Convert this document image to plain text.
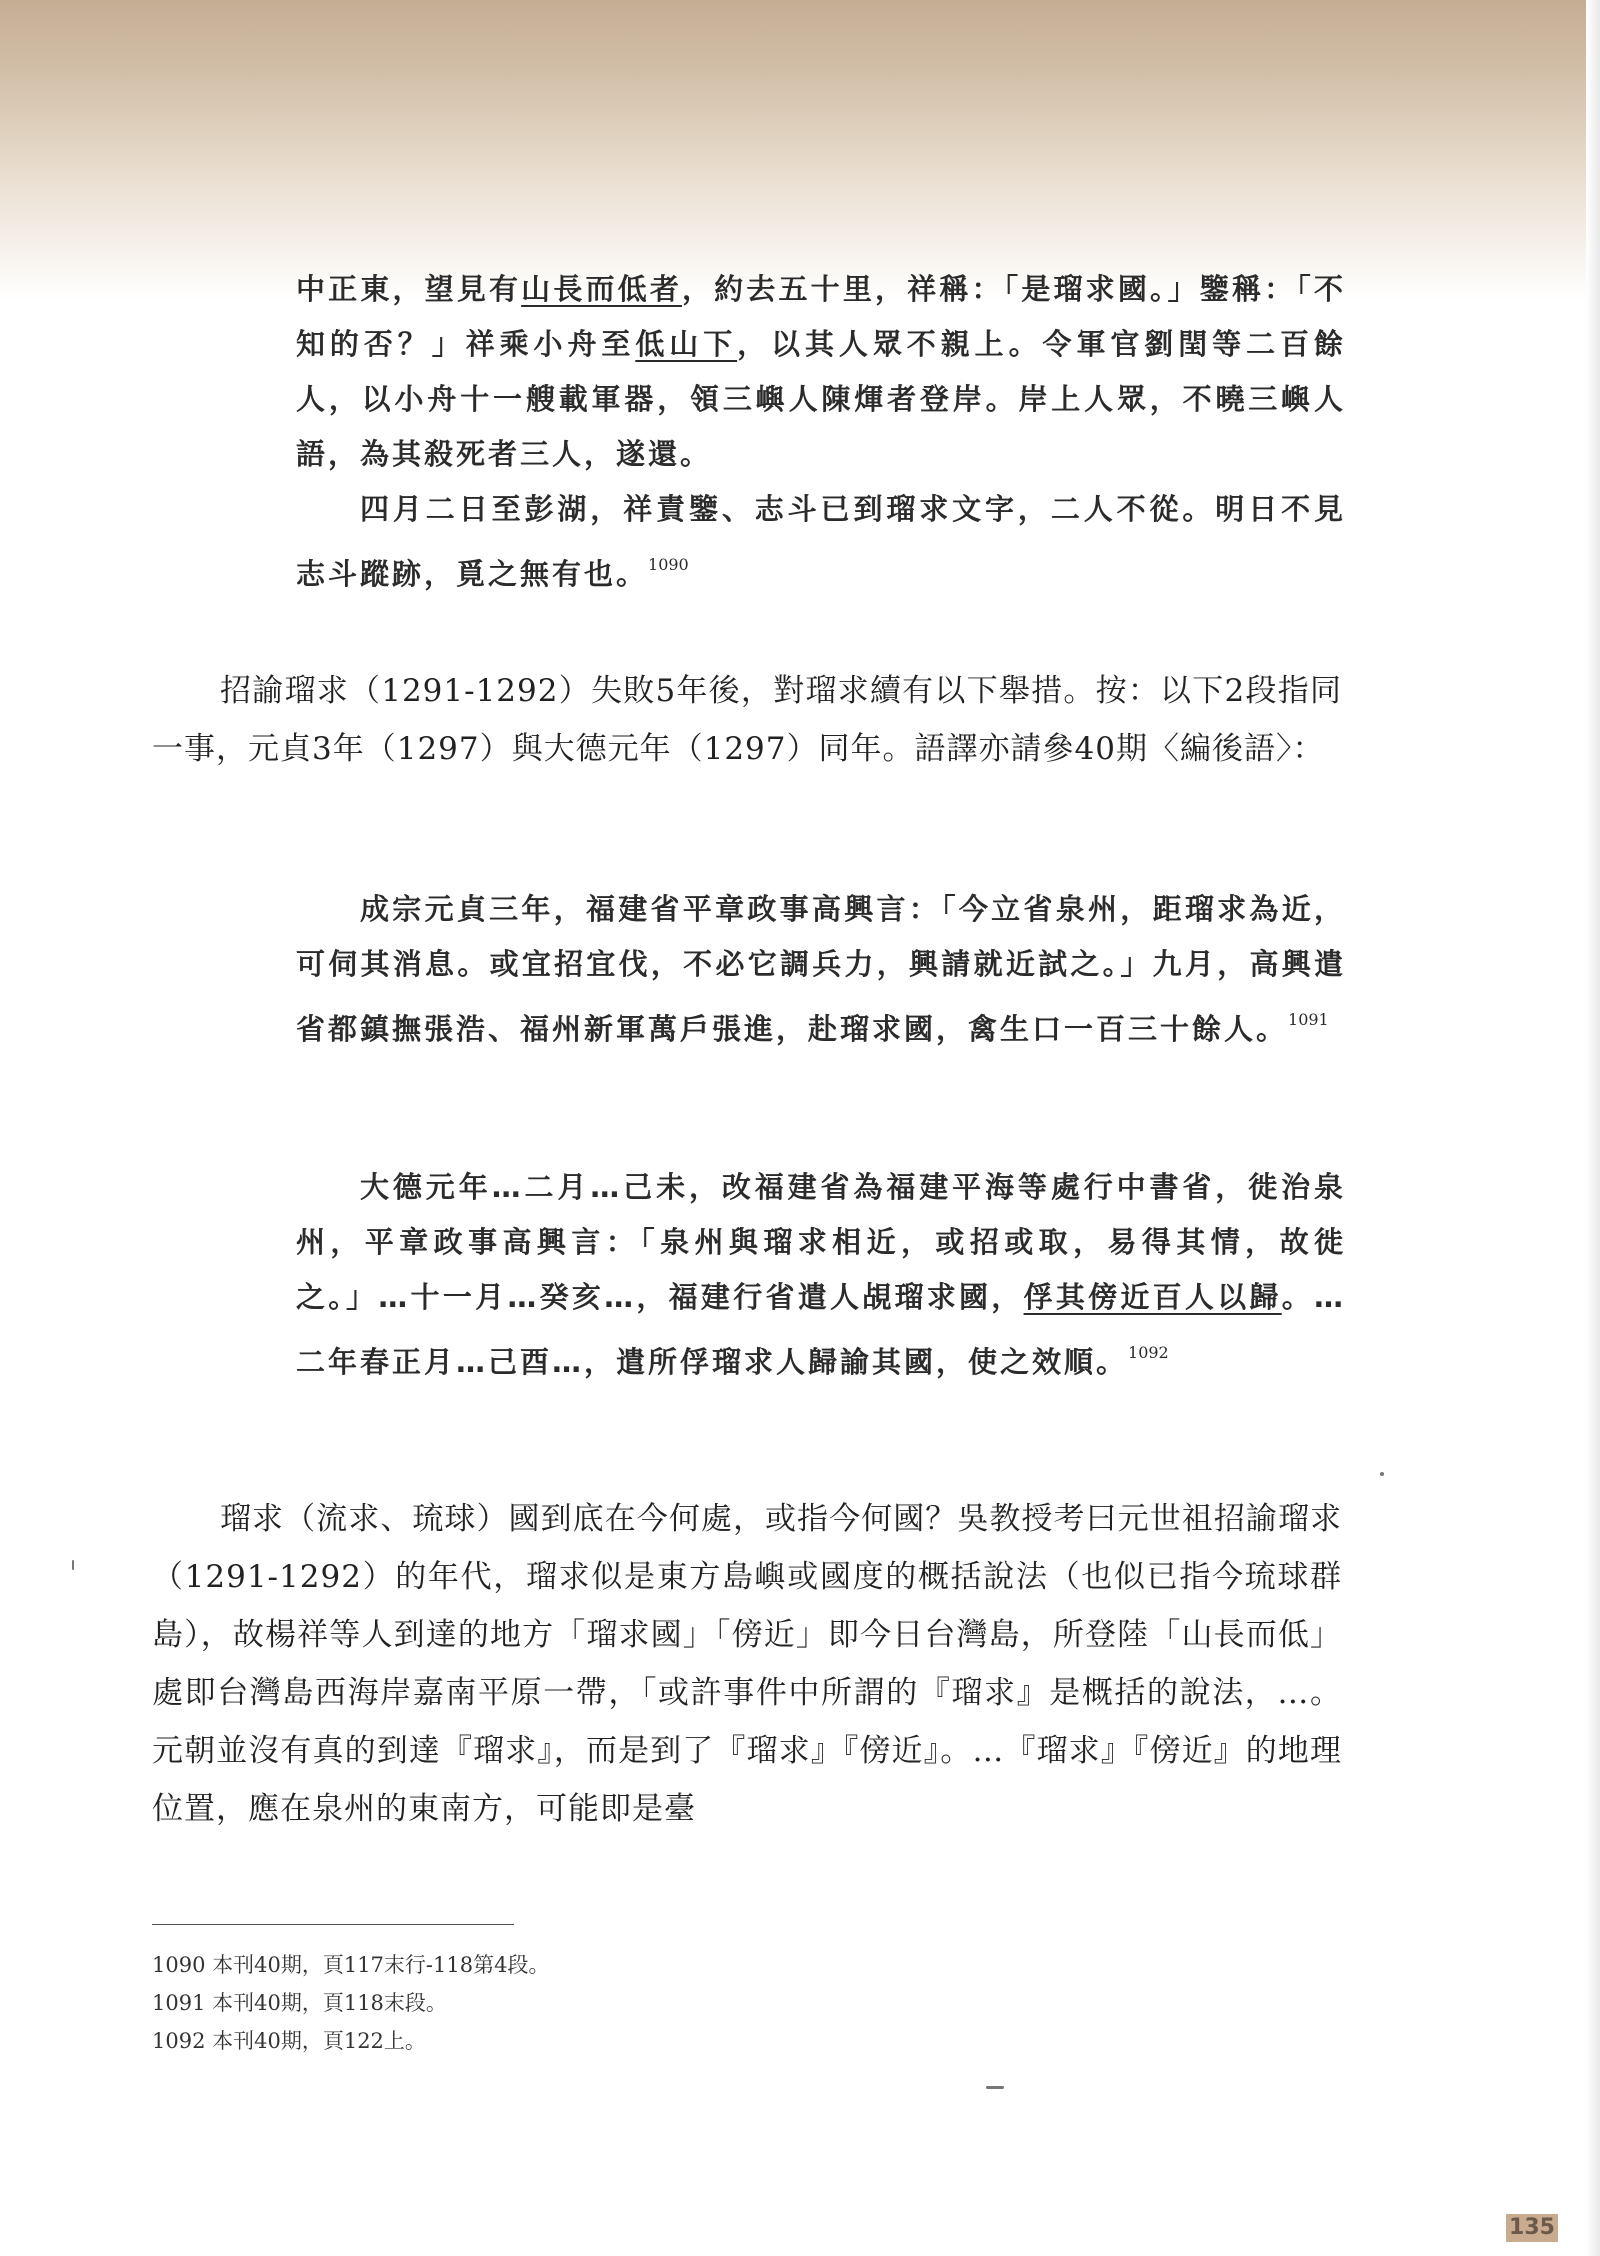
中正東，望見有山長而低者，約去五十里，祥稱：「是瑠求國。」鑒稱：「不知的否？」祥乘小舟至低山下，以其人眾不親上。令軍官劉閏等二百餘人，以小舟十一艘載軍器，領三嶼人陳煇者登岸。岸上人眾，不曉三嶼人語，為其殺死者三人，遂還。

四月二日至彭湖，祥責鑒、志斗已到瑠求文字，二人不從。明日不見志斗蹤跡，覓之無有也。$^{1090}$

招諭瑠求（1291-1292）失敗5年後，對瑠求續有以下舉措。按：以下2段指同一事，元貞3年（1297）與大德元年（1297）同年。語譯亦請參40期〈編後語〉：

成宗元貞三年，福建省平章政事高興言：「今立省泉州，距瑠求為近，可伺其消息。或宜招宜伐，不必它調兵力，興請就近試之。」九月，高興遣省都鎮撫張浩、福州新軍萬戶張進，赴瑠求國，禽生口一百三十餘人。$^{1091}$

大德元年…二月…己未，改福建省為福建平海等處行中書省，徙治泉州，平章政事高興言：「泉州與瑠求相近，或招或取，易得其情，故徙之。」…十一月…癸亥…，福建行省遣人覘瑠求國，俘其傍近百人以歸。…二年春正月…己酉…，遣所俘瑠求人歸諭其國，使之效順。$^{1092}$

瑠求（流求、琉球）國到底在今何處，或指今何國？吳教授考曰元世祖招諭瑠求（1291-1292）的年代，瑠求似是東方島嶼或國度的概括說法（也似已指今琉球群島），故楊祥等人到達的地方「瑠求國」「傍近」即今日台灣島，所登陸「山長而低」處即台灣島西海岸嘉南平原一帶，「或許事件中所謂的『瑠求』是概括的說法，…。元朝並沒有真的到達『瑠求』，而是到了『瑠求』『傍近』。…『瑠求』『傍近』的地理位置，應在泉州的東南方，可能即是臺

1090 本刊40期，頁117末行-118第4段。
1091 本刊40期，頁118末段。
1092 本刊40期，頁122上。
135
